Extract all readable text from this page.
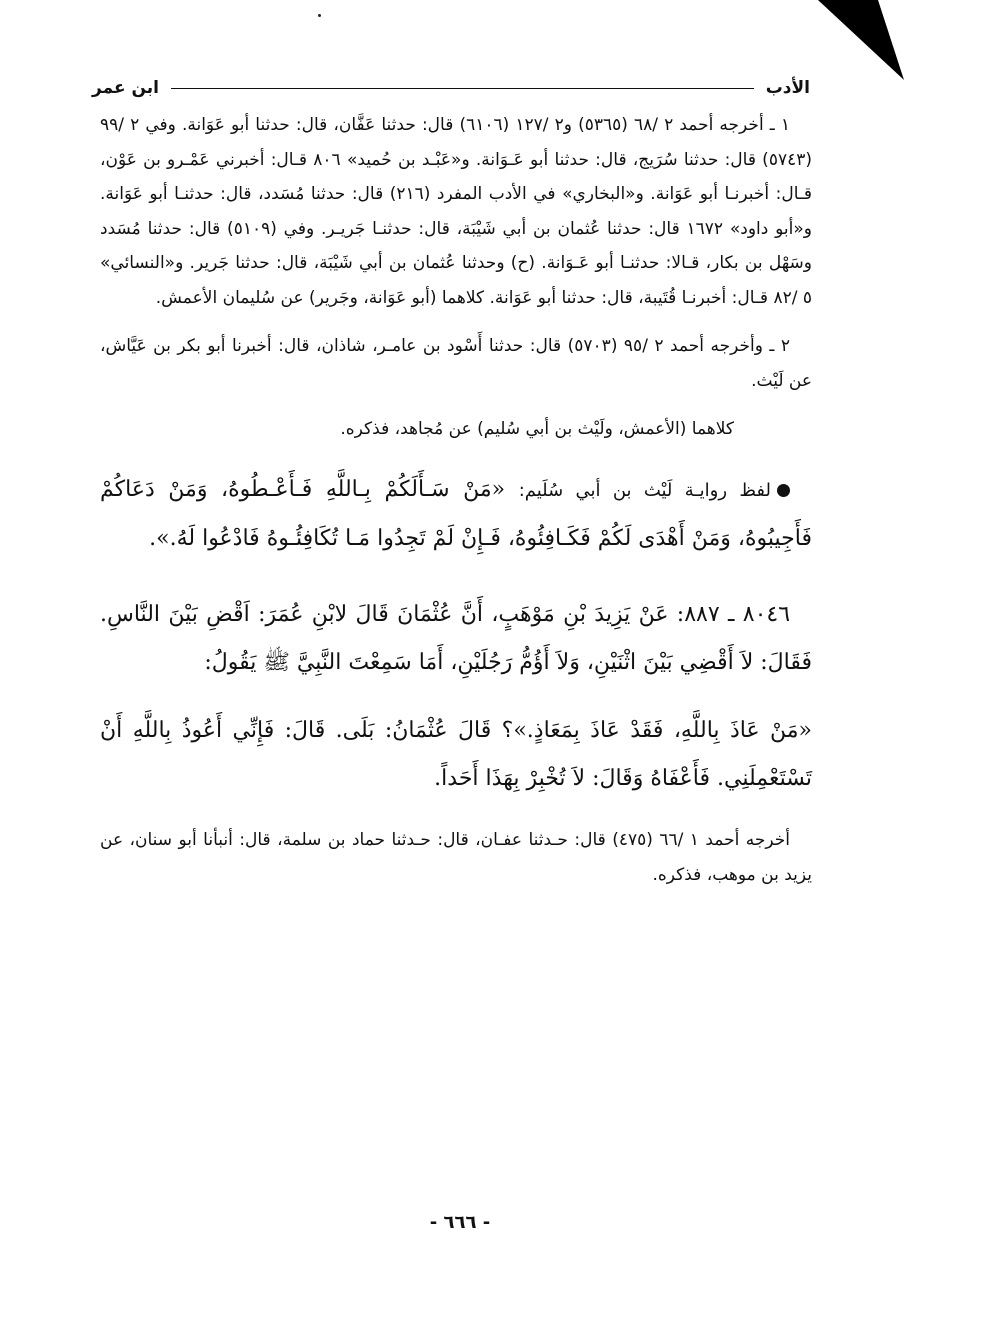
الأدب
ابن عمر

١ ـ أخرجه أحمد ٢ /٦٨ (٥٣٦٥) و٢ /١٢٧ (٦١٠٦) قال: حدثنا عَفَّان، قال: حدثنا أبو عَوَانة. وفي ٢ /٩٩ (٥٧٤٣) قال: حدثنا سُرَيج، قال: حدثنا أبو عَـوَانة. و«عَبْـد بن حُميد» ٨٠٦ قـال: أخبرني عَمْـرو بن عَوْن، قـال: أخبرنـا أبو عَوَانة. و«البخاري» في الأدب المفرد (٢١٦) قال: حدثنا مُسَدد، قال: حدثنـا أبو عَوَانة. و«أبو داود» ١٦٧٢ قال: حدثنا عُثمان بن أبي شَيْبَة، قال: حدثنـا جَريـر. وفي (٥١٠٩) قال: حدثنا مُسَدد وسَهْل بن بكار، قـالا: حدثنـا أبو عَـوَانة. (ح) وحدثنا عُثمان بن أبي شَيْبَة، قال: حدثنا جَرير. و«النسائي» ٥ /٨٢ قـال: أخبرنـا قُتَيبة، قال: حدثنا أبو عَوَانة. كلاهما (أبو عَوَانة، وجَرير) عن سُليمان الأعمش.

٢ ـ وأخرجه أحمد ٢ /٩٥ (٥٧٠٣) قال: حدثنا أَسْود بن عامـر، شاذان، قال: أخبرنا أبو بكر بن عَيَّاش، عن لَيْث.

كلاهما (الأعمش، ولَيْث بن أبي سُليم) عن مُجاهد، فذكره.

لفظ روايـة لَيْث بن أبي سُلَيم: «مَنْ سَـأَلَكُمْ بِـاللَّهِ فَـأَعْـطُوهُ، وَمَنْ دَعَاكُمْ فَأَجِيبُوهُ، وَمَنْ أَهْدَى لَكُمْ فَكَـافِئُوهُ، فَـإِنْ لَمْ تَجِدُوا مَـا تُكَافِئُـوهُ فَادْعُوا لَهُ.».

٨٠٤٦ ـ ٨٨٧: عَنْ يَزِيدَ بْنِ مَوْهَبٍ، أَنَّ عُثْمَانَ قَالَ لابْنِ عُمَرَ: اَقْضِ بَيْنَ النَّاسِ. فَقَالَ: لاَ أَقْضِي بَيْنَ اثْنَيْنِ، وَلاَ أَؤُمُّ رَجُلَيْنِ، أَمَا سَمِعْتَ النَّبِيَّ ﷺ يَقُولُ:

«مَنْ عَاذَ بِاللَّهِ، فَقَدْ عَاذَ بِمَعَاذٍ.»؟ قَالَ عُثْمَانُ: بَلَى. قَالَ: فَإِنِّي أَعُوذُ بِاللَّهِ أَنْ تَسْتَعْمِلَنِي. فَأَعْفَاهُ وَقَالَ: لاَ تُخْبِرْ بِهَذَا أَحَداً.

أخرجه أحمد ١ /٦٦ (٤٧٥) قال: حـدثنا عفـان، قال: حـدثنا حماد بن سلمة، قال: أنبأنا أبو سنان، عن يزيد بن موهب، فذكره.

- ٦٦٦ -
